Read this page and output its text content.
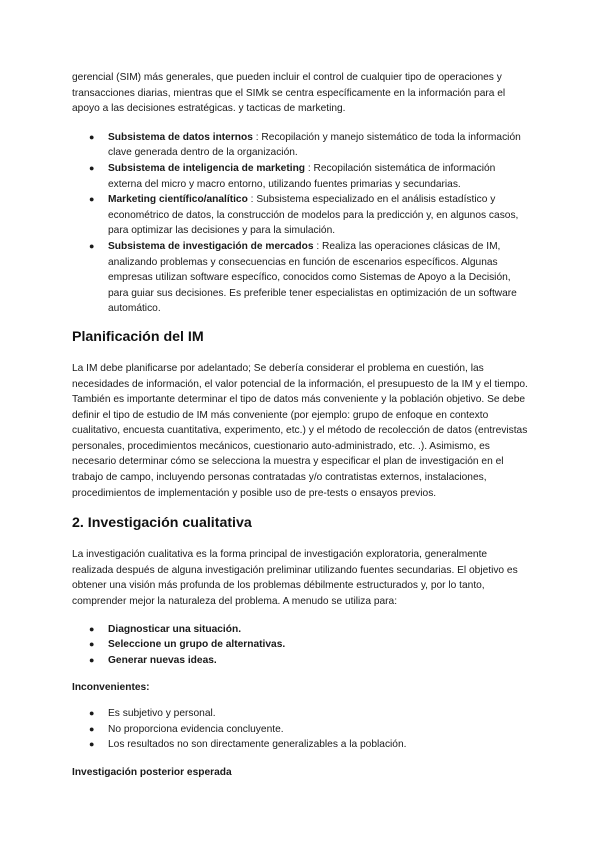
gerencial (SIM) más generales, que pueden incluir el control de cualquier tipo de operaciones y transacciones diarias, mientras que el SIMk se centra específicamente en la información para el apoyo a las decisiones estratégicas. y tacticas de marketing.

● Subsistema de datos internos : Recopilación y manejo sistemático de toda la información clave generada dentro de la organización.
● Subsistema de inteligencia de marketing : Recopilación sistemática de información externa del micro y macro entorno, utilizando fuentes primarias y secundarias.
● Marketing científico/analítico : Subsistema especializado en el análisis estadístico y econométrico de datos, la construcción de modelos para la predicción y, en algunos casos, para optimizar las decisiones y para la simulación.
● Subsistema de investigación de mercados : Realiza las operaciones clásicas de IM, analizando problemas y consecuencias en función de escenarios específicos. Algunas empresas utilizan software específico, conocidos como Sistemas de Apoyo a la Decisión, para guiar sus decisiones. Es preferible tener especialistas en optimización de un software automático.
Planificación del IM

La IM debe planificarse por adelantado; Se debería considerar el problema en cuestión, las necesidades de información, el valor potencial de la información, el presupuesto de la IM y el tiempo. También es importante determinar el tipo de datos más conveniente y la población objetivo. Se debe definir el tipo de estudio de IM más conveniente (por ejemplo: grupo de enfoque en contexto cualitativo, encuesta cuantitativa, experimento, etc.) y el método de recolección de datos (entrevistas personales, procedimientos mecánicos, cuestionario auto-administrado, etc. .). Asimismo, es necesario determinar cómo se selecciona la muestra y especificar el plan de investigación en el trabajo de campo, incluyendo personas contratadas y/o contratistas externos, instalaciones, procedimientos de implementación y posible uso de pre-tests o ensayos previos.

2. Investigación cualitativa

La investigación cualitativa es la forma principal de investigación exploratoria, generalmente realizada después de alguna investigación preliminar utilizando fuentes secundarias. El objetivo es obtener una visión más profunda de los problemas débilmente estructurados y, por lo tanto, comprender mejor la naturaleza del problema. A menudo se utiliza para:

● Diagnosticar una situación.
● Seleccione un grupo de alternativas.
● Generar nuevas ideas.
Inconvenientes:
● Es subjetivo y personal.
● No proporciona evidencia concluyente.
● Los resultados no son directamente generalizables a la población.
Investigación posterior esperada
